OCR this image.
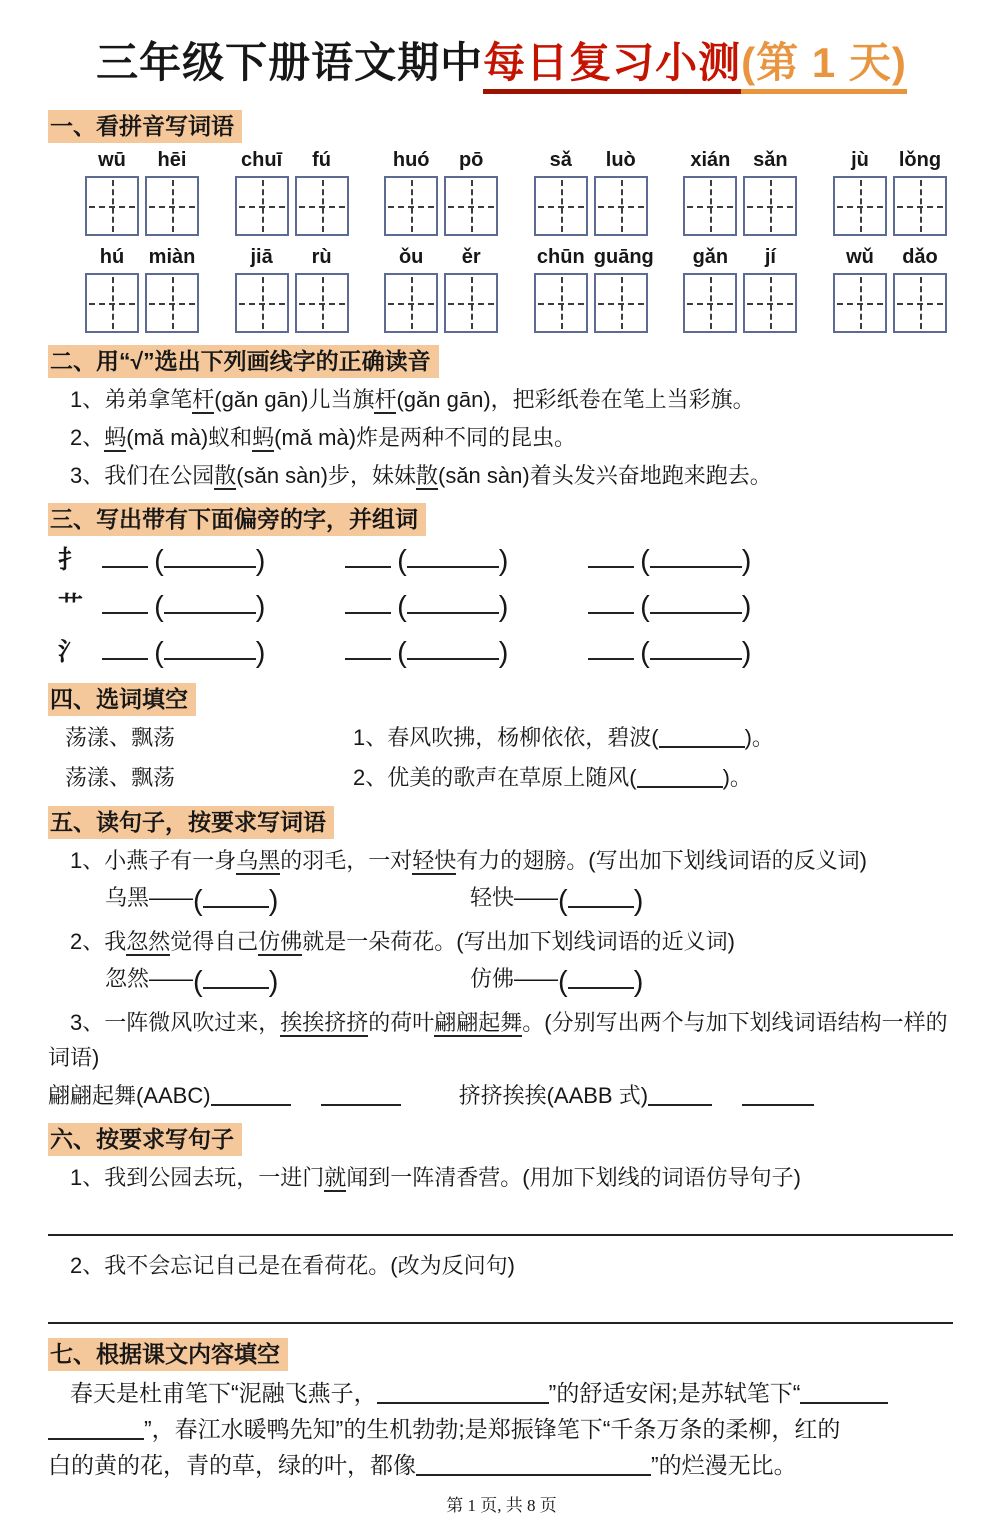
三年级下册语文期中每日复习小测(第 1 天)
一、看拼音写词语
wū	hēi	chuī	fú	huó	pō	sǎ	luò	xián	sǎn	jù	lǒng
hú	miàn	jiā	rù	ǒu	ěr	chūn guāng	gǎn	jí	wǔ	dǎo
二、用“√”选出下列画线字的正确读音

1、弟弟拿笔杆(gǎn gān)儿当旗杆(gǎn gān)，把彩纸卷在笔上当彩旗。

2、蚂(mǎ mà)蚁和蚂(mǎ mà)炸是两种不同的昆虫。

3、我们在公园散(sǎn sàn)步，妹妹散(sǎn sàn)着头发兴奋地跑来跑去。

三、写出带有下面偏旁的字，并组词
扌	(	)	(	)	(	)
艹	(	)	(	)	(	)
氵	(	)	(	)	(	)
四、选词填空
荡漾、飘荡	1、春风吹拂，杨柳依依，碧波(	)。
荡漾、飘荡	2、优美的歌声在草原上随风(	)。
五、读句子，按要求写词语

1、小燕子有一身乌黑的羽毛，一对轻快有力的翅膀。(写出加下划线词语的反义词)

乌黑——( )	轻快——( )

2、我忽然觉得自己仿佛就是一朵荷花。(写出加下划线词语的近义词)

忽然——( )	仿佛——( )

3、一阵微风吹过来，挨挨挤挤的荷叶翩翩起舞。(分别写出两个与加下划线词语结构一样的词语)

翩翩起舞(AABC)	挤挤挨挨(AABB 式)
六、按要求写句子

1、我到公园去玩，一进门就闻到一阵清香营。(用加下划线的词语仿导句子)

2、我不会忘记自己是在看荷花。(改为反问句)

七、根据课文内容填空
春天是杜甫笔下“泥融飞燕子，	”的舒适安闲;是苏轼笔下“
”，春江水暖鸭先知”的生机勃勃;是郑振锋笔下“千条万条的柔柳，红的
白的黄的花，青的草，绿的叶，都像	”的烂漫无比。
第 1 页, 共 8 页
